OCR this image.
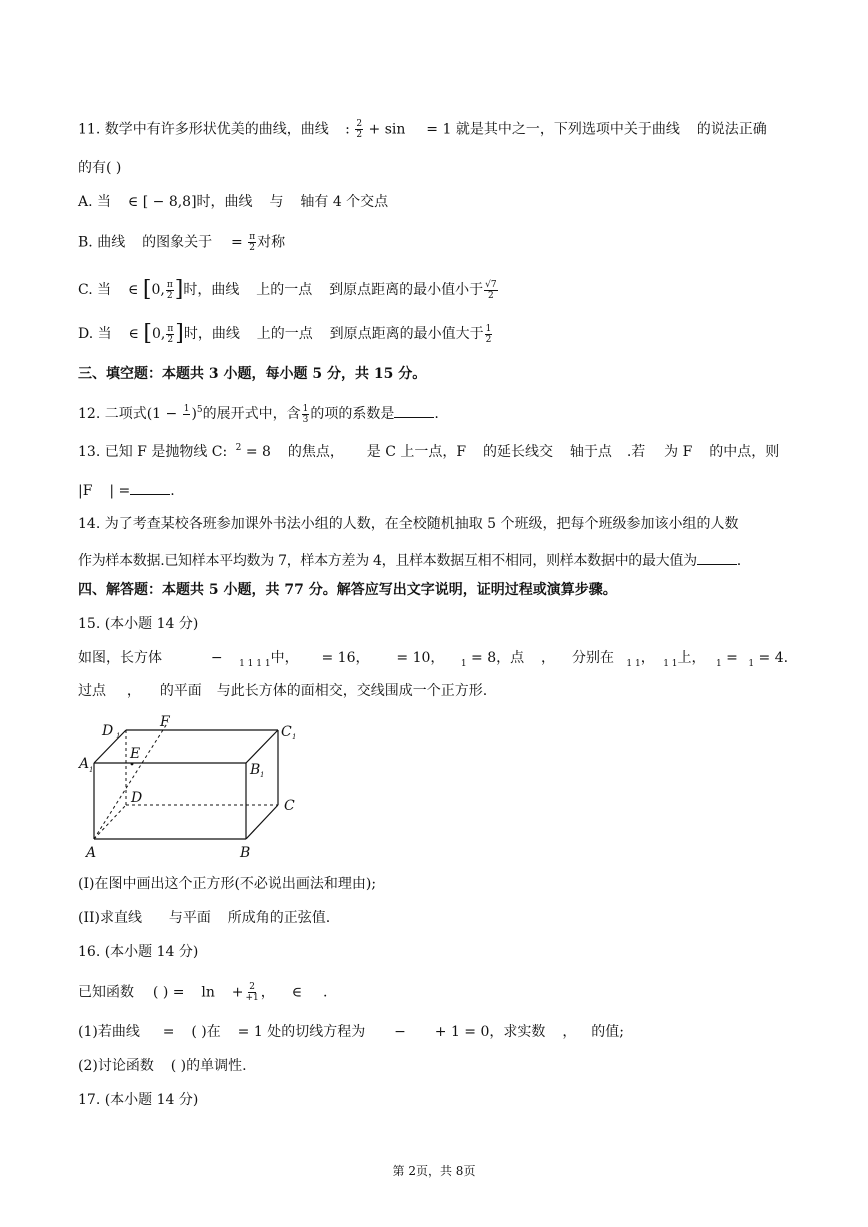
11. 数学中有许多形状优美的曲线，曲线 : $\frac{2}{2} + \sin = 1$ 就是其中之一，下列选项中关于曲线 的说法正确
的有( )
A. 当 ∈ [ − 8,8]时，曲线 与 轴有 4 个交点
B. 曲线 的图象关于 = $\frac{\pi}{2}$ 对称
C. 当 ∈ [0, $\frac{\pi}{2}$ ]时，曲线 上的一点 到原点距离的最小值小于 $\frac{√7}{2}$
D. 当 ∈ [0, $\frac{\pi}{2}$ ]时，曲线 上的一点 到原点距离的最小值大于 $\frac{1}{2}$
三、填空题：本题共 3 小题，每小题 5 分，共 15 分。
12. 二项式(1 − 1
)$^5$的展开式中，含 $\frac{1}{3}$ 的项的系数是	.
13. 已知 F 是抛物线 C: $^2$ = 8 的焦点， 是 C 上一点，F 的延长线交 轴于点 .若 为 F 的中点，则
|F | =	.
14. 为了考查某校各班参加课外书法小组的人数，在全校随机抽取 5 个班级，把每个班级参加该小组的人数
作为样本数据.已知样本平均数为 7，样本方差为 4，且样本数据互相不相同，则样本数据中的最大值为	.
四、解答题：本题共 5 小题，共 77 分。解答应写出文字说明，证明过程或演算步骤。
15. (本小题 14 分)
如图，长方体	− $_{1 1 1 1}$中， = 16， = 10， $_1$ = 8，点 ， 分别在 $_{1 1}$， $_{1 1}$上， $_1$ = $_1$ = 4.
过点 ， 的平面 与此长方体的面相交，交线围成一个正方形.
D 1
F
C 1
E
A 1	B 1
D	C
A	B
(I)在图中画出这个正方形(不必说出画法和理由);
(II)求直线 与平面 所成角的正弦值.
16. (本小题 14 分)
已知函数 ( ) = $\ln + \frac{2}{+1}$ ， ∈ .
(1)若曲线 = ( )在 = 1 处的切线方程为 − + 1 = 0，求实数 ， 的值;
(2)讨论函数 ( )的单调性.
17. (本小题 14 分)
第 2页，共 8页
